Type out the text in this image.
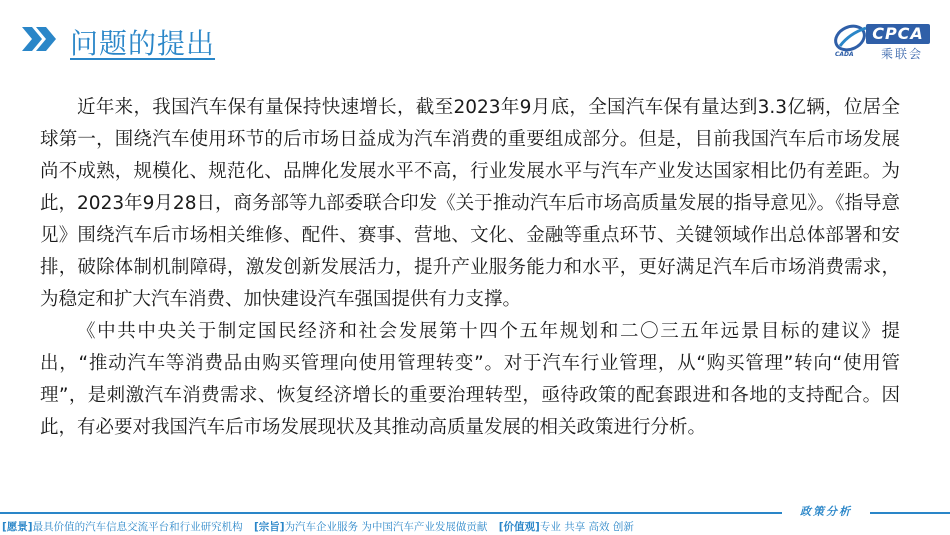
问题的提出	CPCA
乘联会
CADA

近年来，我国汽车保有量保持快速增长，截至2023年9月底，全国汽车保有量达到3.3亿辆，位居全球第一，围绕汽车使用环节的后市场日益成为汽车消费的重要组成部分。但是，目前我国汽车后市场发展尚不成熟，规模化、规范化、品牌化发展水平不高，行业发展水平与汽车产业发达国家相比仍有差距。为此，2023年9月28日，商务部等九部委联合印发《关于推动汽车后市场高质量发展的指导意见》。《指导意见》围绕汽车后市场相关维修、配件、赛事、营地、文化、金融等重点环节、关键领域作出总体部署和安排，破除体制机制障碍，激发创新发展活力，提升产业服务能力和水平，更好满足汽车后市场消费需求，为稳定和扩大汽车消费、加快建设汽车强国提供有力支撑。

《中共中央关于制定国民经济和社会发展第十四个五年规划和二〇三五年远景目标的建议》提出，“推动汽车等消费品由购买管理向使用管理转变”。对于汽车行业管理，从“购买管理”转向“使用管理”，是刺激汽车消费需求、恢复经济增长的重要治理转型，亟待政策的配套跟进和各地的支持配合。因此，有必要对我国汽车后市场发展现状及其推动高质量发展的相关政策进行分析。

政策分析
[愿景]最具价值的汽车信息交流平台和行业研究机构 [宗旨]为汽车企业服务 为中国汽车产业发展做贡献 [价值观]专业 共享 高效 创新
